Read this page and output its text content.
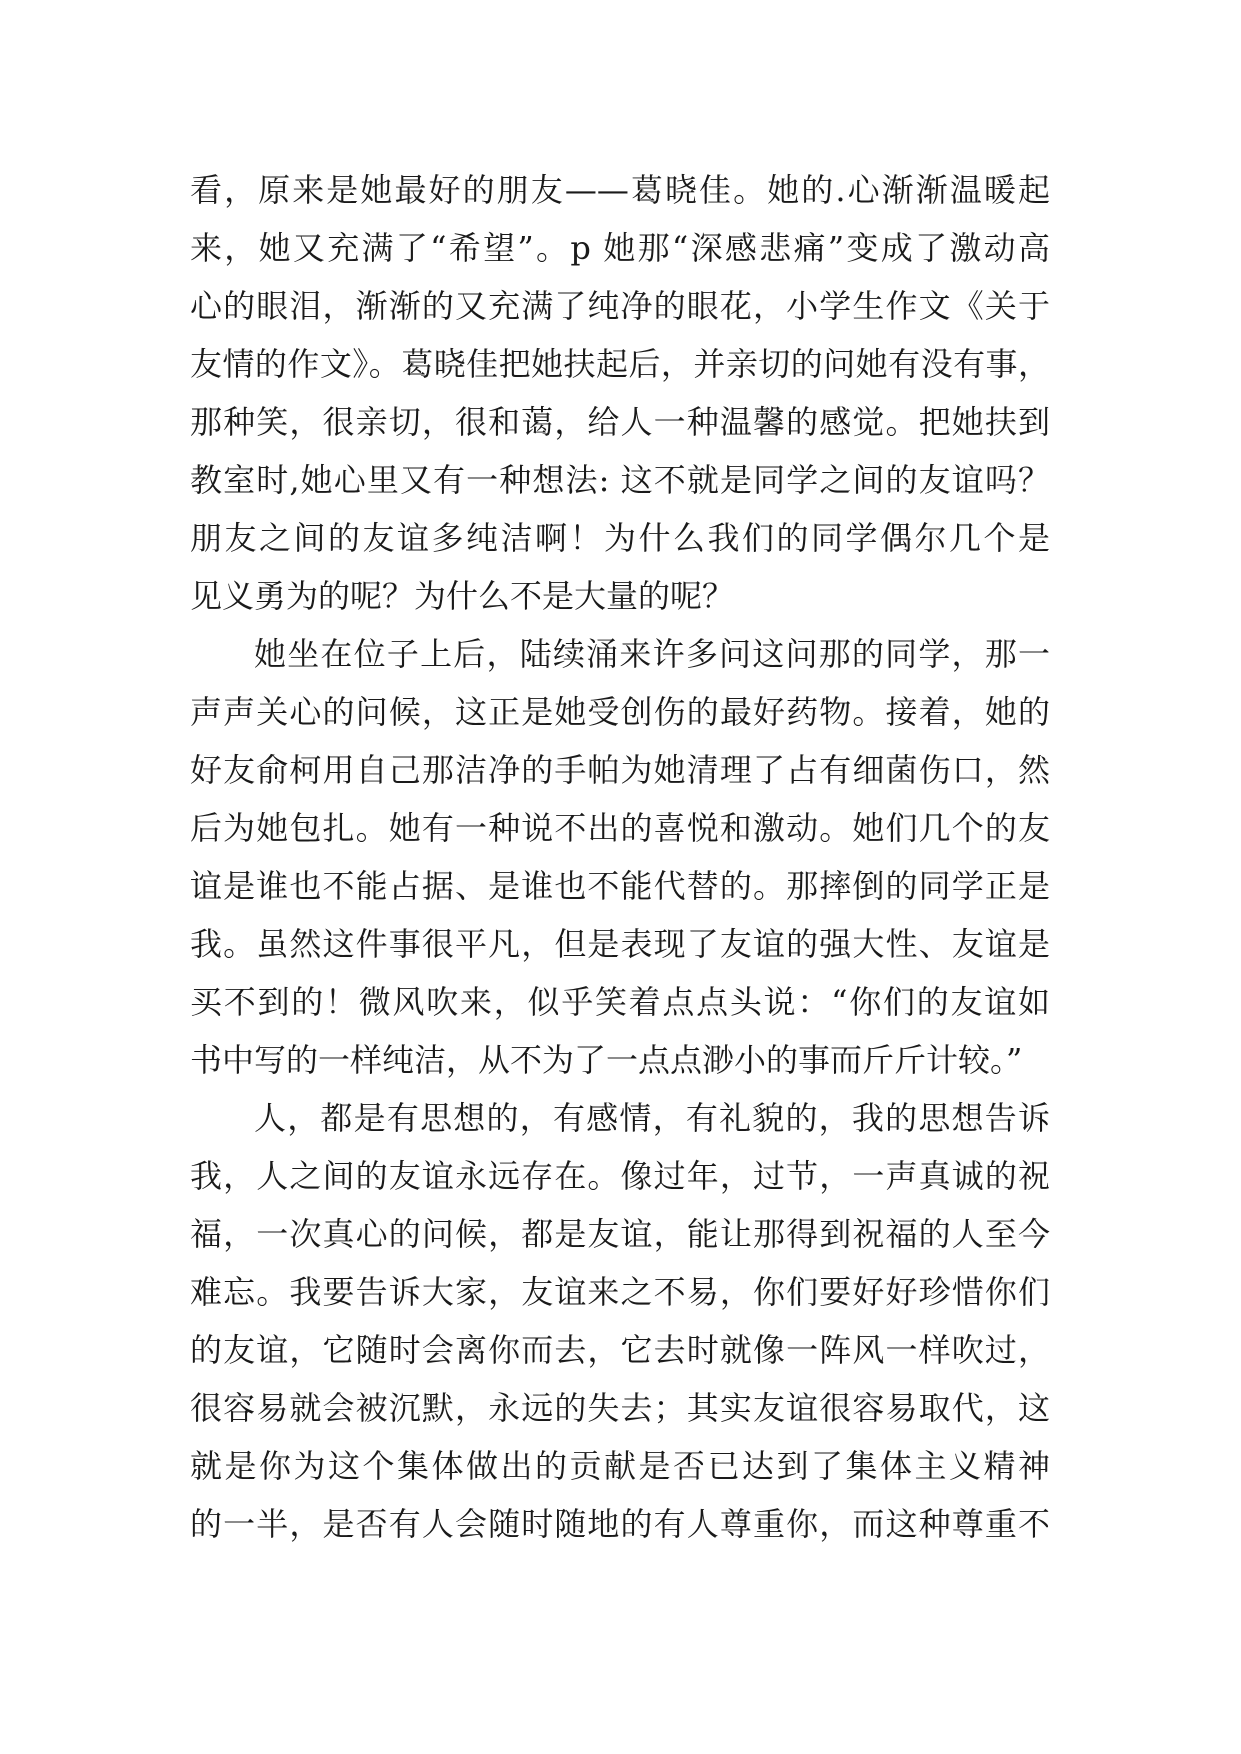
看，原来是她最好的朋友——葛晓佳。她的.心渐渐温暖起
来，她又充满了“希望”。p 她那“深感悲痛”变成了激动高
心的眼泪，渐渐的又充满了纯净的眼花，小学生作文《关于
友情的作文》。葛晓佳把她扶起后，并亲切的问她有没有事，
那种笑，很亲切，很和蔼，给人一种温馨的感觉。把她扶到
教室时,她心里又有一种想法: 这不就是同学之间的友谊吗？
朋友之间的友谊多纯洁啊！为什么我们的同学偶尔几个是
见义勇为的呢？为什么不是大量的呢？
她坐在位子上后，陆续涌来许多问这问那的同学，那一
声声关心的问候，这正是她受创伤的最好药物。接着，她的
好友俞柯用自己那洁净的手帕为她清理了占有细菌伤口，然
后为她包扎。她有一种说不出的喜悦和激动。她们几个的友
谊是谁也不能占据、是谁也不能代替的。那摔倒的同学正是
我。虽然这件事很平凡，但是表现了友谊的强大性、友谊是
买不到的！微风吹来，似乎笑着点点头说：“你们的友谊如
书中写的一样纯洁，从不为了一点点渺小的事而斤斤计较。”
人，都是有思想的，有感情，有礼貌的，我的思想告诉
我，人之间的友谊永远存在。像过年，过节，一声真诚的祝
福，一次真心的问候，都是友谊，能让那得到祝福的人至今
难忘。我要告诉大家，友谊来之不易，你们要好好珍惜你们
的友谊，它随时会离你而去，它去时就像一阵风一样吹过，
很容易就会被沉默，永远的失去；其实友谊很容易取代，这
就是你为这个集体做出的贡献是否已达到了集体主义精神
的一半，是否有人会随时随地的有人尊重你，而这种尊重不
